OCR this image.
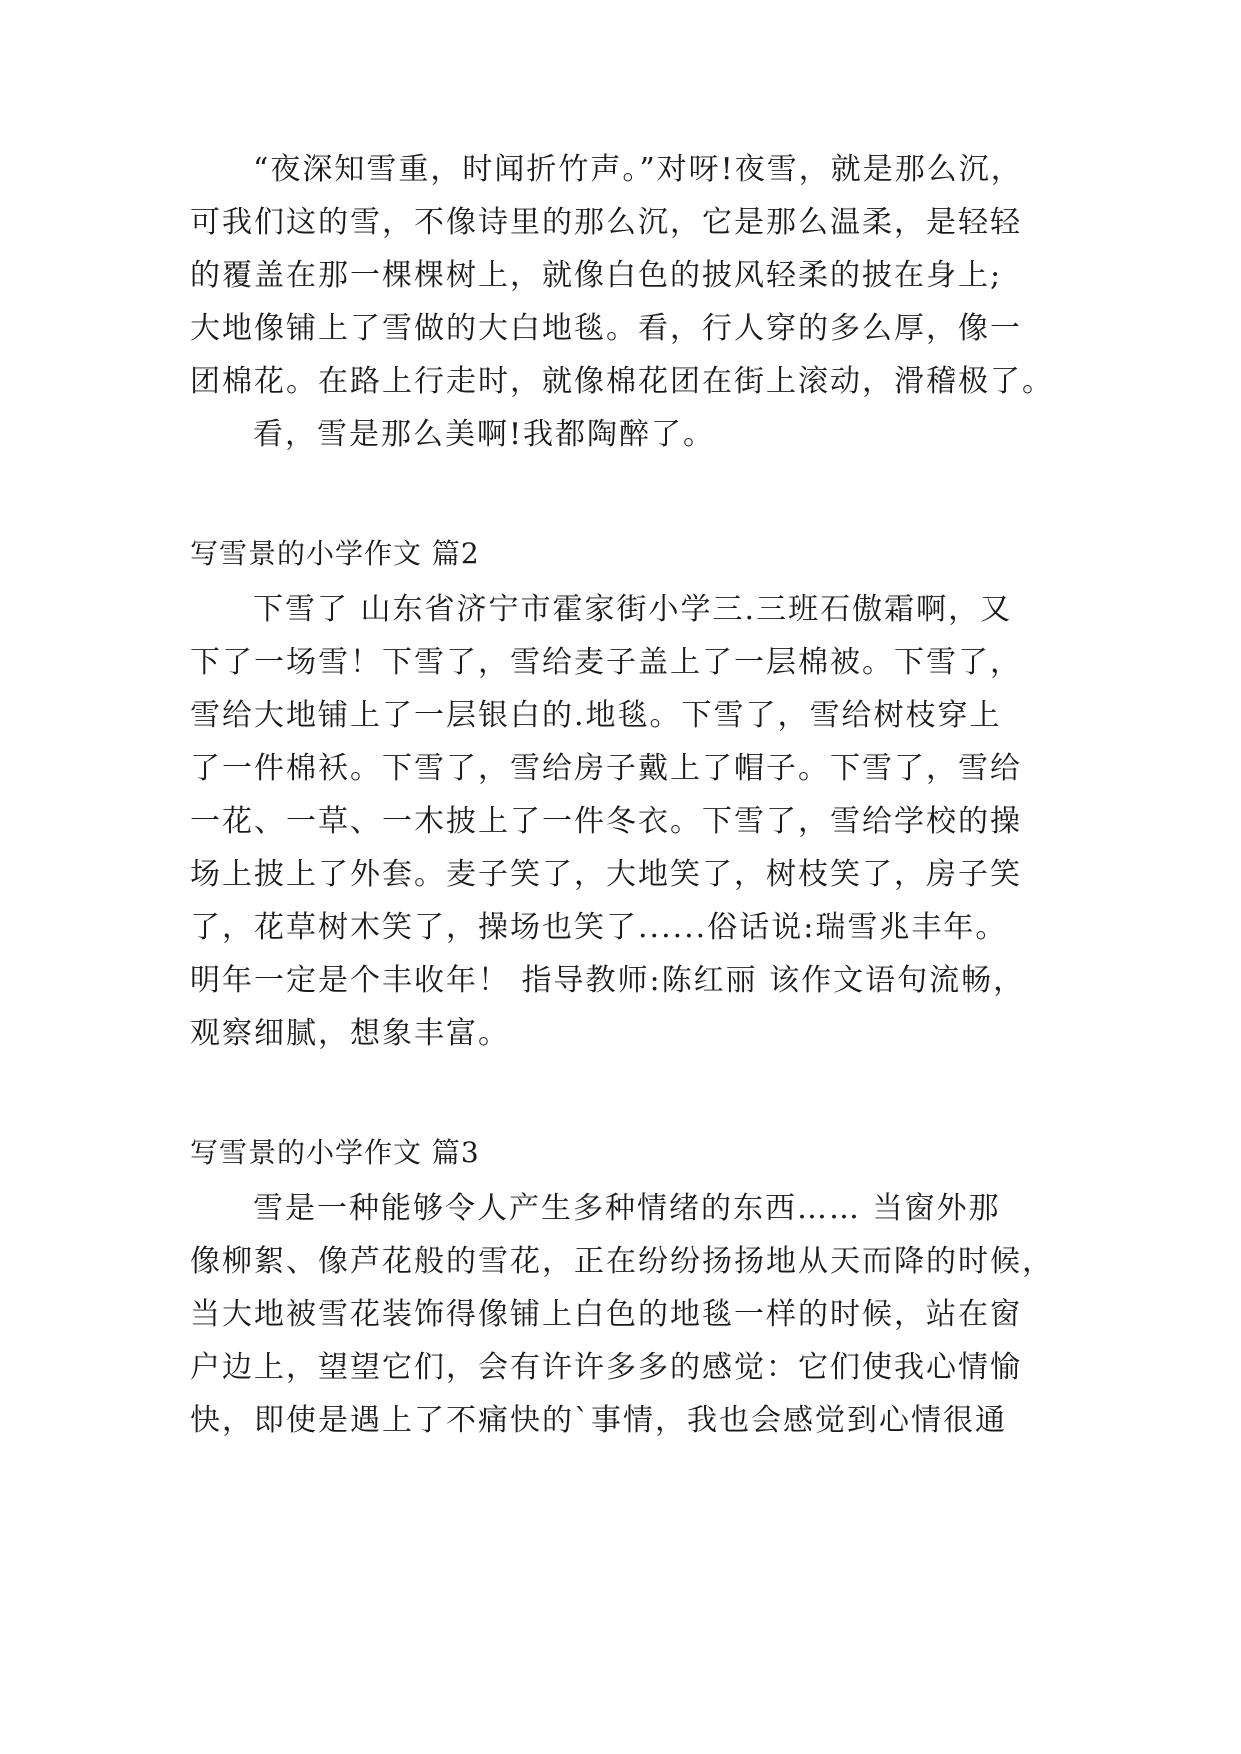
“夜深知雪重，时闻折竹声。”对呀!夜雪，就是那么沉，
可我们这的雪，不像诗里的那么沉，它是那么温柔，是轻轻
的覆盖在那一棵棵树上，就像白色的披风轻柔的披在身上;
大地像铺上了雪做的大白地毯。看，行人穿的多么厚，像一
团棉花。在路上行走时，就像棉花团在街上滚动，滑稽极了。
看，雪是那么美啊!我都陶醉了。
写雪景的小学作文 篇2
下雪了 山东省济宁市霍家街小学三.三班石傲霜啊，又
下了一场雪！下雪了，雪给麦子盖上了一层棉被。下雪了，
雪给大地铺上了一层银白的.地毯。下雪了，雪给树枝穿上
了一件棉袄。下雪了，雪给房子戴上了帽子。下雪了，雪给
一花、一草、一木披上了一件冬衣。下雪了，雪给学校的操
场上披上了外套。麦子笑了，大地笑了，树枝笑了，房子笑
了，花草树木笑了，操场也笑了......俗话说:瑞雪兆丰年。
明年一定是个丰收年！ 指导教师:陈红丽 该作文语句流畅，
观察细腻，想象丰富。
写雪景的小学作文 篇3
雪是一种能够令人产生多种情绪的东西…… 当窗外那
像柳絮、像芦花般的雪花，正在纷纷扬扬地从天而降的时候，
当大地被雪花装饰得像铺上白色的地毯一样的时候，站在窗
户边上，望望它们，会有许许多多的感觉：它们使我心情愉
快，即使是遇上了不痛快的`事情，我也会感觉到心情很通
